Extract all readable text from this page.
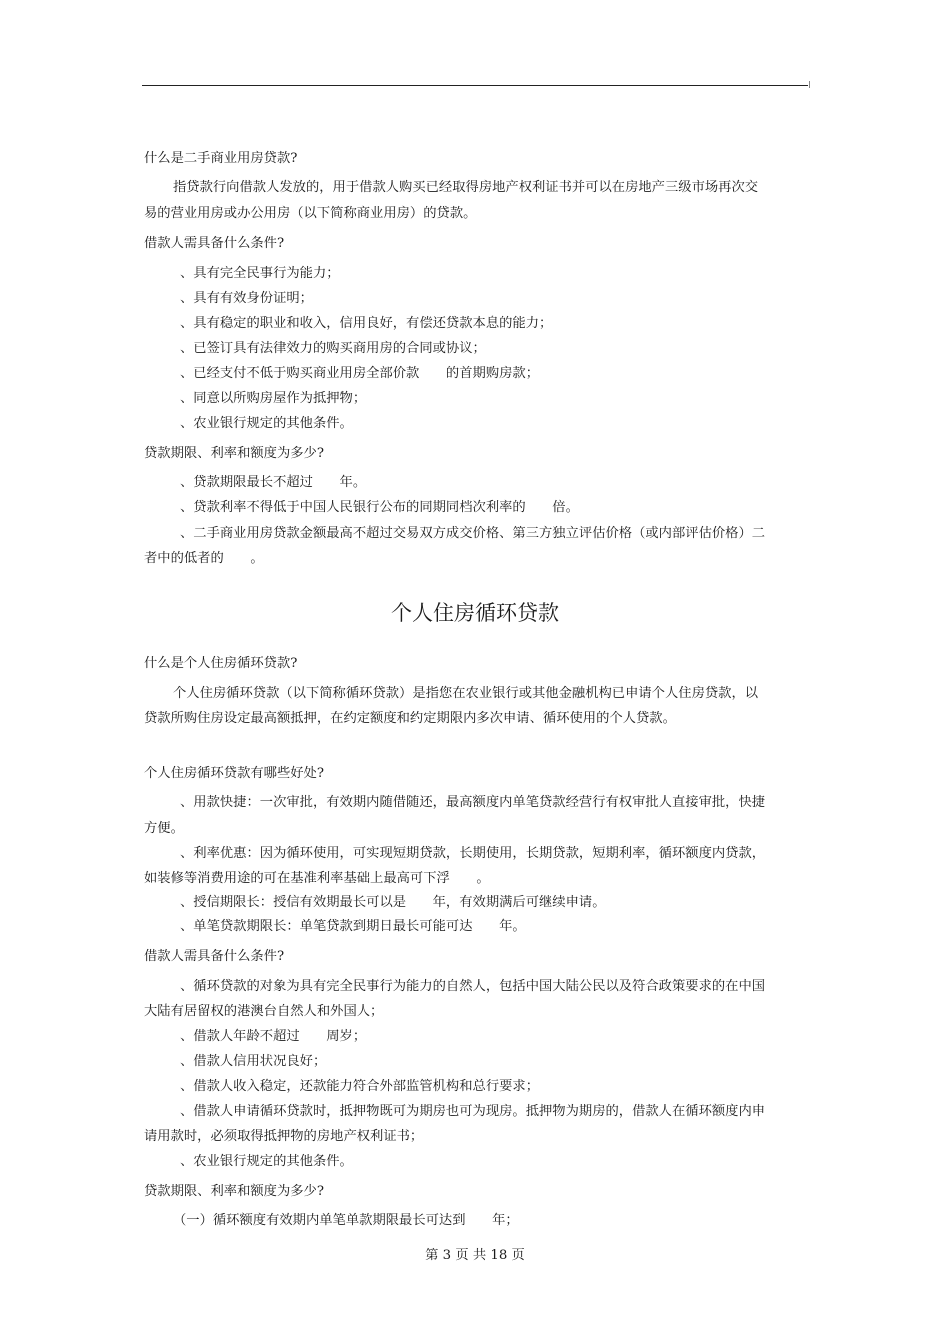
什么是二手商业用房贷款?
指贷款行向借款人发放的，用于借款人购买已经取得房地产权利证书并可以在房地产三级市场再次交
易的营业用房或办公用房（以下简称商业用房）的贷款。
借款人需具备什么条件?
、具有完全民事行为能力；
、具有有效身份证明；
、具有稳定的职业和收入，信用良好，有偿还贷款本息的能力；
、已签订具有法律效力的购买商用房的合同或协议；
、已经支付不低于购买商业用房全部价款　　的首期购房款；
、同意以所购房屋作为抵押物；
、农业银行规定的其他条件。
贷款期限、利率和额度为多少?
、贷款期限最长不超过　　年。
、贷款利率不得低于中国人民银行公布的同期同档次利率的　　倍。
、二手商业用房贷款金额最高不超过交易双方成交价格、第三方独立评估价格（或内部评估价格）二
者中的低者的　　。
个人住房循环贷款
什么是个人住房循环贷款?
个人住房循环贷款（以下简称循环贷款）是指您在农业银行或其他金融机构已申请个人住房贷款，以
贷款所购住房设定最高额抵押，在约定额度和约定期限内多次申请、循环使用的个人贷款。
个人住房循环贷款有哪些好处?
、用款快捷：一次审批，有效期内随借随还，最高额度内单笔贷款经营行有权审批人直接审批，快捷
方便。
、利率优惠：因为循环使用，可实现短期贷款，长期使用，长期贷款，短期利率，循环额度内贷款，
如装修等消费用途的可在基准利率基础上最高可下浮　　。
、授信期限长：授信有效期最长可以是　　年，有效期满后可继续申请。
、单笔贷款期限长：单笔贷款到期日最长可能可达　　年。
借款人需具备什么条件?
、循环贷款的对象为具有完全民事行为能力的自然人，包括中国大陆公民以及符合政策要求的在中国
大陆有居留权的港澳台自然人和外国人；
、借款人年龄不超过　　周岁；
、借款人信用状况良好；
、借款人收入稳定，还款能力符合外部监管机构和总行要求；
、借款人申请循环贷款时，抵押物既可为期房也可为现房。抵押物为期房的，借款人在循环额度内申
请用款时，必须取得抵押物的房地产权利证书；
、农业银行规定的其他条件。
贷款期限、利率和额度为多少?
（一）循环额度有效期内单笔单款期限最长可达到　　年；
第 3 页 共 18 页
